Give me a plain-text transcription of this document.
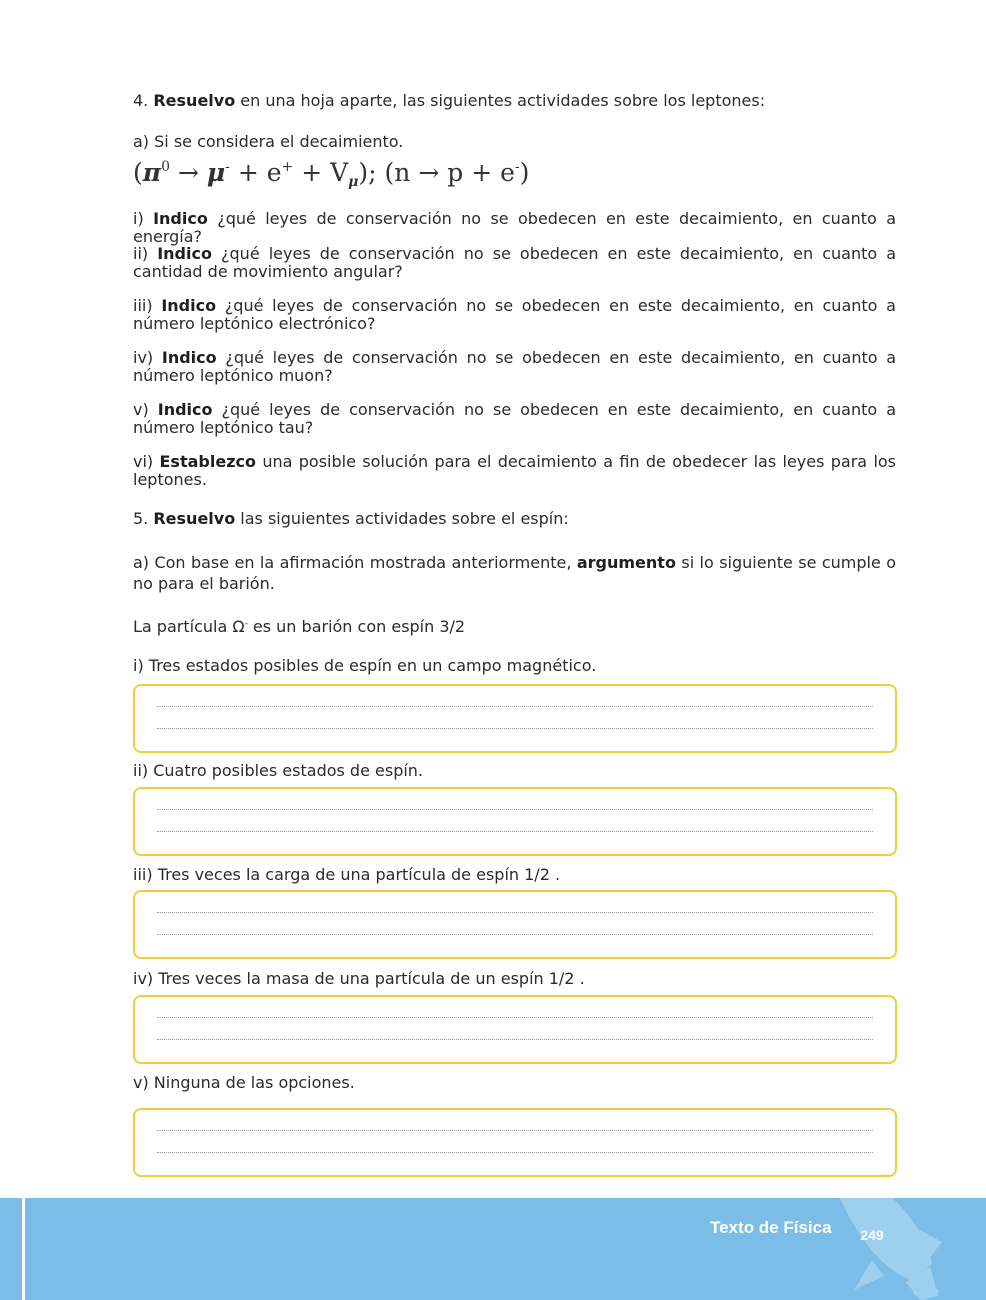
4. Resuelvo en una hoja aparte, las siguientes actividades sobre los leptones:
a) Si se considera el decaimiento.
$(\pi^0 \to \mu^- + e^+ + V_\mu)$; (n → p + e-)
i) Indico ¿qué leyes de conservación no se obedecen en este decaimiento, en cuanto a energía?
ii) Indico ¿qué leyes de conservación no se obedecen en este decaimiento, en cuanto a cantidad de movimiento angular?
iii) Indico ¿qué leyes de conservación no se obedecen en este decaimiento, en cuanto a número leptónico electrónico?
iv) Indico ¿qué leyes de conservación no se obedecen en este decaimiento, en cuanto a número leptónico muon?
v) Indico ¿qué leyes de conservación no se obedecen en este decaimiento, en cuanto a número leptónico tau?
vi) Establezco una posible solución para el decaimiento a fin de obedecer las leyes para los leptones.
5. Resuelvo las siguientes actividades sobre el espín:
a) Con base en la afirmación mostrada anteriormente, argumento si lo siguiente se cumple o no para el barión.
La partícula Ω- es un barión con espín 3/2
i) Tres estados posibles de espín en un campo magnético.
ii) Cuatro posibles estados de espín.
iii) Tres veces la carga de una partícula de espín 1/2 .
iv) Tres veces la masa de una partícula de un espín 1/2 .
v) Ninguna de las opciones.
Texto de Física	249
